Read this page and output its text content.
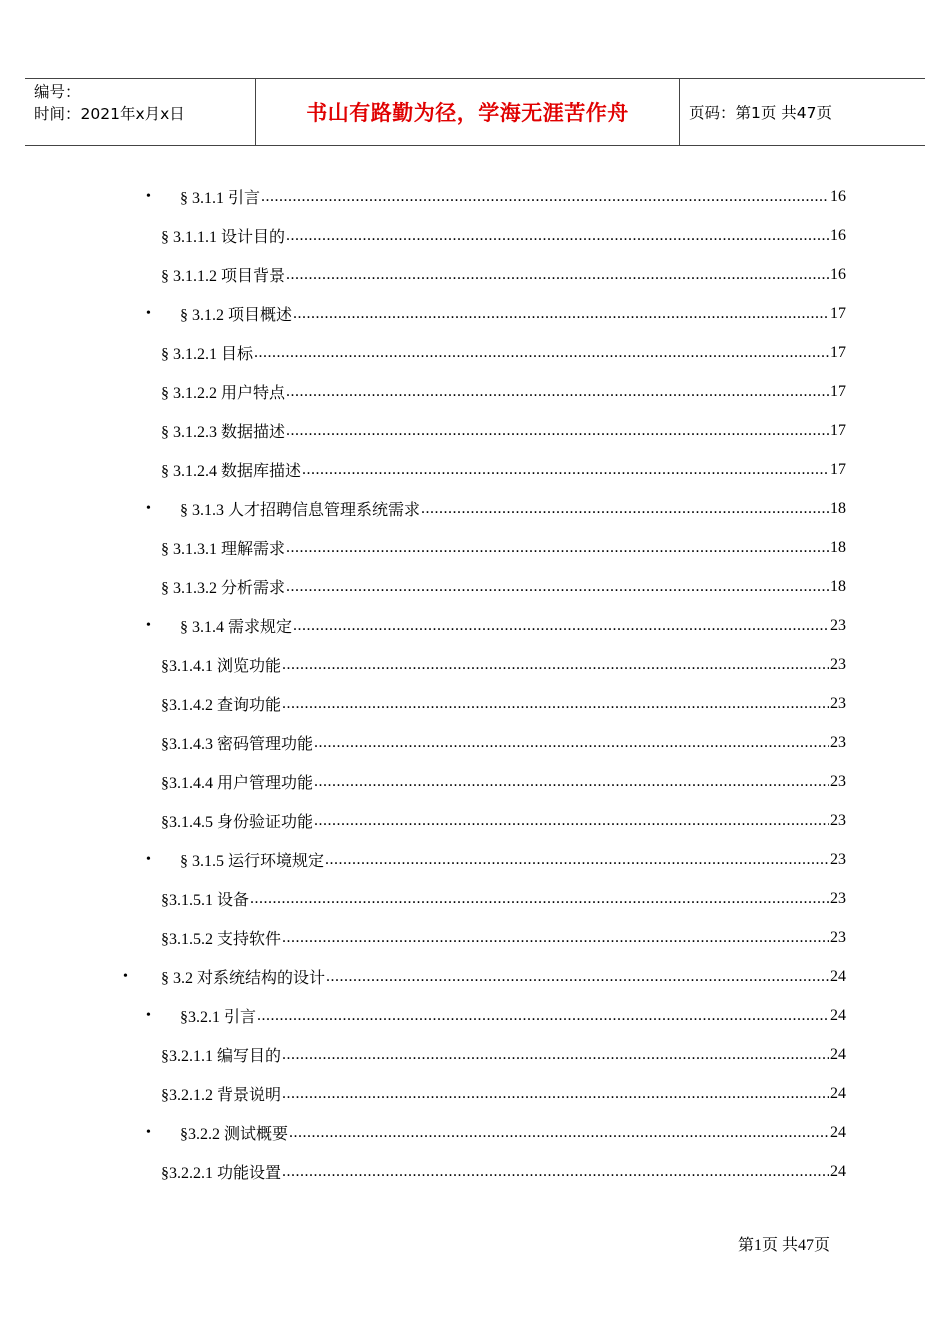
编号：
时间：2021年x月x日	书山有路勤为径，学海无涯苦作舟	页码：第1页 共47页
• § 3.1.1 引言 .....	16
§ 3.1.1.1 设计目的 .....	16
§ 3.1.1.2 项目背景 .....	16
• § 3.1.2 项目概述 .....	17
§ 3.1.2.1 目标 .....	17
§ 3.1.2.2 用户特点 .....	17
§ 3.1.2.3 数据描述 .....	17
§ 3.1.2.4 数据库描述 .....	17
• § 3.1.3 人才招聘信息管理系统需求 .....	18
§ 3.1.3.1 理解需求 .....	18
§ 3.1.3.2 分析需求 .....	18
• § 3.1.4 需求规定 .....	23
§3.1.4.1 浏览功能 .....	23
§3.1.4.2 查询功能 .....	23
§3.1.4.3 密码管理功能 .....	23
§3.1.4.4 用户管理功能 .....	23
§3.1.4.5 身份验证功能 .....	23
• § 3.1.5 运行环境规定 .....	23
§3.1.5.1 设备 .....	23
§3.1.5.2 支持软件 .....	23
• § 3.2 对系统结构的设计 .....	24
• §3.2.1 引言 .....	24
§3.2.1.1 编写目的 .....	24
§3.2.1.2 背景说明 .....	24
• §3.2.2 测试概要 .....	24
§3.2.2.1 功能设置 .....	24
第1页 共47页
